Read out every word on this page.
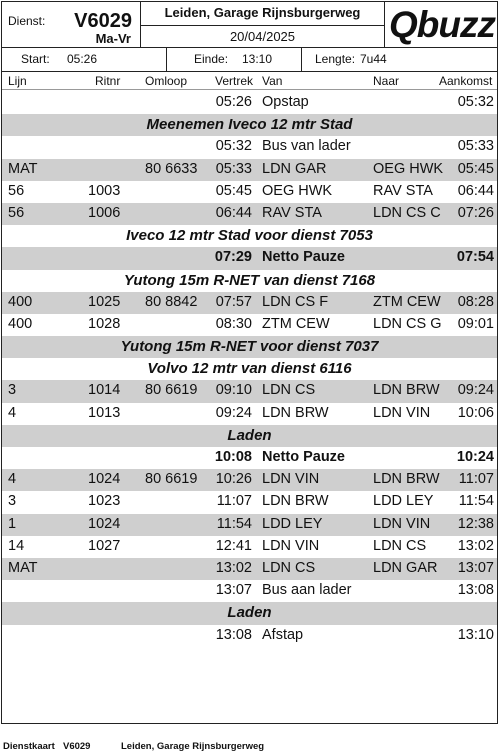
Dienst: V6029
Ma-Vr
Leiden, Garage Rijnsburgerweg
20/04/2025	Qbuzz
Start: 05:26	Einde: 13:10	Lengte: 7u44
Lijn	Ritnr Omloop Vertrek Van	Naar	Aankomst
05:26 Opstap	05:32
Meenemen Iveco 12 mtr Stad
05:32 Bus van lader	05:33
MAT	80 6633 05:33 LDN GAR	OEG HWK 05:45
56	1003	05:45 OEG HWK	RAV STA 06:44
56	1006	06:44 RAV STA	LDN CS C 07:26
Iveco 12 mtr Stad voor dienst 7053
07:29 Netto Pauze	07:54
Yutong 15m R-NET van dienst 7168
400	1025 80 8842 07:57 LDN CS F	ZTM CEW 08:28
400	1028	08:30 ZTM CEW	LDN CS G 09:01
Yutong 15m R-NET voor dienst 7037
Volvo 12 mtr van dienst 6116
3	1014 80 6619 09:10 LDN CS	LDN BRW 09:24
4	1013	09:24 LDN BRW	LDN VIN 10:06
Laden
10:08 Netto Pauze	10:24
4	1024 80 6619 10:26 LDN VIN	LDN BRW 11:07
3	1023	11:07 LDN BRW	LDD LEY 11:54
1	1024	11:54 LDD LEY	LDN VIN 12:38
14	1027	12:41 LDN VIN	LDN CS 13:02
MAT	13:02 LDN CS	LDN GAR 13:07
13:07 Bus aan lader	13:08
Laden
13:08 Afstap	13:10
Dienstkaart V6029	Leiden, Garage Rijnsburgerweg
